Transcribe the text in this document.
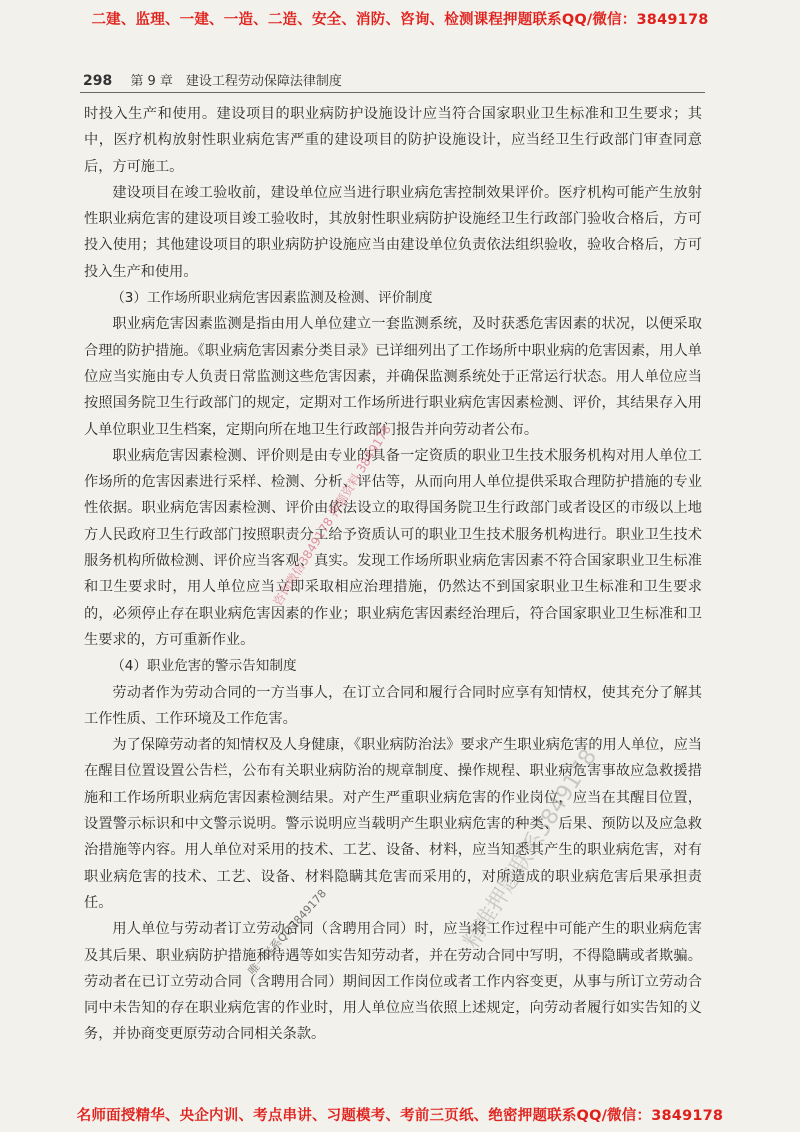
二建、监理、一建、一造、二造、安全、消防、咨询、检测课程押题联系QQ/微信：3849178
298 第 9 章　建设工程劳动保障法律制度

时投入生产和使用。建设项目的职业病防护设施设计应当符合国家职业卫生标准和卫生要求；其中，医疗机构放射性职业病危害严重的建设项目的防护设施设计，应当经卫生行政部门审查同意后，方可施工。

建设项目在竣工验收前，建设单位应当进行职业病危害控制效果评价。医疗机构可能产生放射性职业病危害的建设项目竣工验收时，其放射性职业病防护设施经卫生行政部门验收合格后，方可投入使用；其他建设项目的职业病防护设施应当由建设单位负责依法组织验收，验收合格后，方可投入生产和使用。

（3）工作场所职业病危害因素监测及检测、评价制度

职业病危害因素监测是指由用人单位建立一套监测系统，及时获悉危害因素的状况，以便采取合理的防护措施。《职业病危害因素分类目录》已详细列出了工作场所中职业病的危害因素，用人单位应当实施由专人负责日常监测这些危害因素，并确保监测系统处于正常运行状态。用人单位应当按照国务院卫生行政部门的规定，定期对工作场所进行职业病危害因素检测、评价，其结果存入用人单位职业卫生档案，定期向所在地卫生行政部门报告并向劳动者公布。

职业病危害因素检测、评价则是由专业的具备一定资质的职业卫生技术服务机构对用人单位工作场所的危害因素进行采样、检测、分析、评估等，从而向用人单位提供采取合理防护措施的专业性依据。职业病危害因素检测、评价由依法设立的取得国务院卫生行政部门或者设区的市级以上地方人民政府卫生行政部门按照职责分工给予资质认可的职业卫生技术服务机构进行。职业卫生技术服务机构所做检测、评价应当客观、真实。发现工作场所职业病危害因素不符合国家职业卫生标准和卫生要求时，用人单位应当立即采取相应治理措施，仍然达不到国家职业卫生标准和卫生要求的，必须停止存在职业病危害因素的作业；职业病危害因素经治理后，符合国家职业卫生标准和卫生要求的，方可重新作业。

（4）职业危害的警示告知制度

劳动者作为劳动合同的一方当事人，在订立合同和履行合同时应享有知情权，使其充分了解其工作性质、工作环境及工作危害。

为了保障劳动者的知情权及人身健康，《职业病防治法》要求产生职业病危害的用人单位，应当在醒目位置设置公告栏，公布有关职业病防治的规章制度、操作规程、职业病危害事故应急救援措施和工作场所职业病危害因素检测结果。对产生严重职业病危害的作业岗位，应当在其醒目位置，设置警示标识和中文警示说明。警示说明应当载明产生职业病危害的种类、后果、预防以及应急救治措施等内容。用人单位对采用的技术、工艺、设备、材料，应当知悉其产生的职业病危害，对有职业病危害的技术、工艺、设备、材料隐瞒其危害而采用的，对所造成的职业病危害后果承担责任。

用人单位与劳动者订立劳动合同（含聘用合同）时，应当将工作过程中可能产生的职业病危害及其后果、职业病防护措施和待遇等如实告知劳动者，并在劳动合同中写明，不得隐瞒或者欺骗。劳动者在已订立劳动合同（含聘用合同）期间因工作岗位或者工作内容变更，从事与所订立劳动合同中未告知的存在职业病危害的作业时，用人单位应当依照上述规定，向劳动者履行如实告知的义务，并协商变更原劳动合同相关条款。

咨询微信3849178 押题资料 3849178
精准押题联系3849178
唯一联系QQ3849178
名师面授精华、央企内训、考点串讲、习题模考、考前三页纸、绝密押题联系QQ/微信：3849178
